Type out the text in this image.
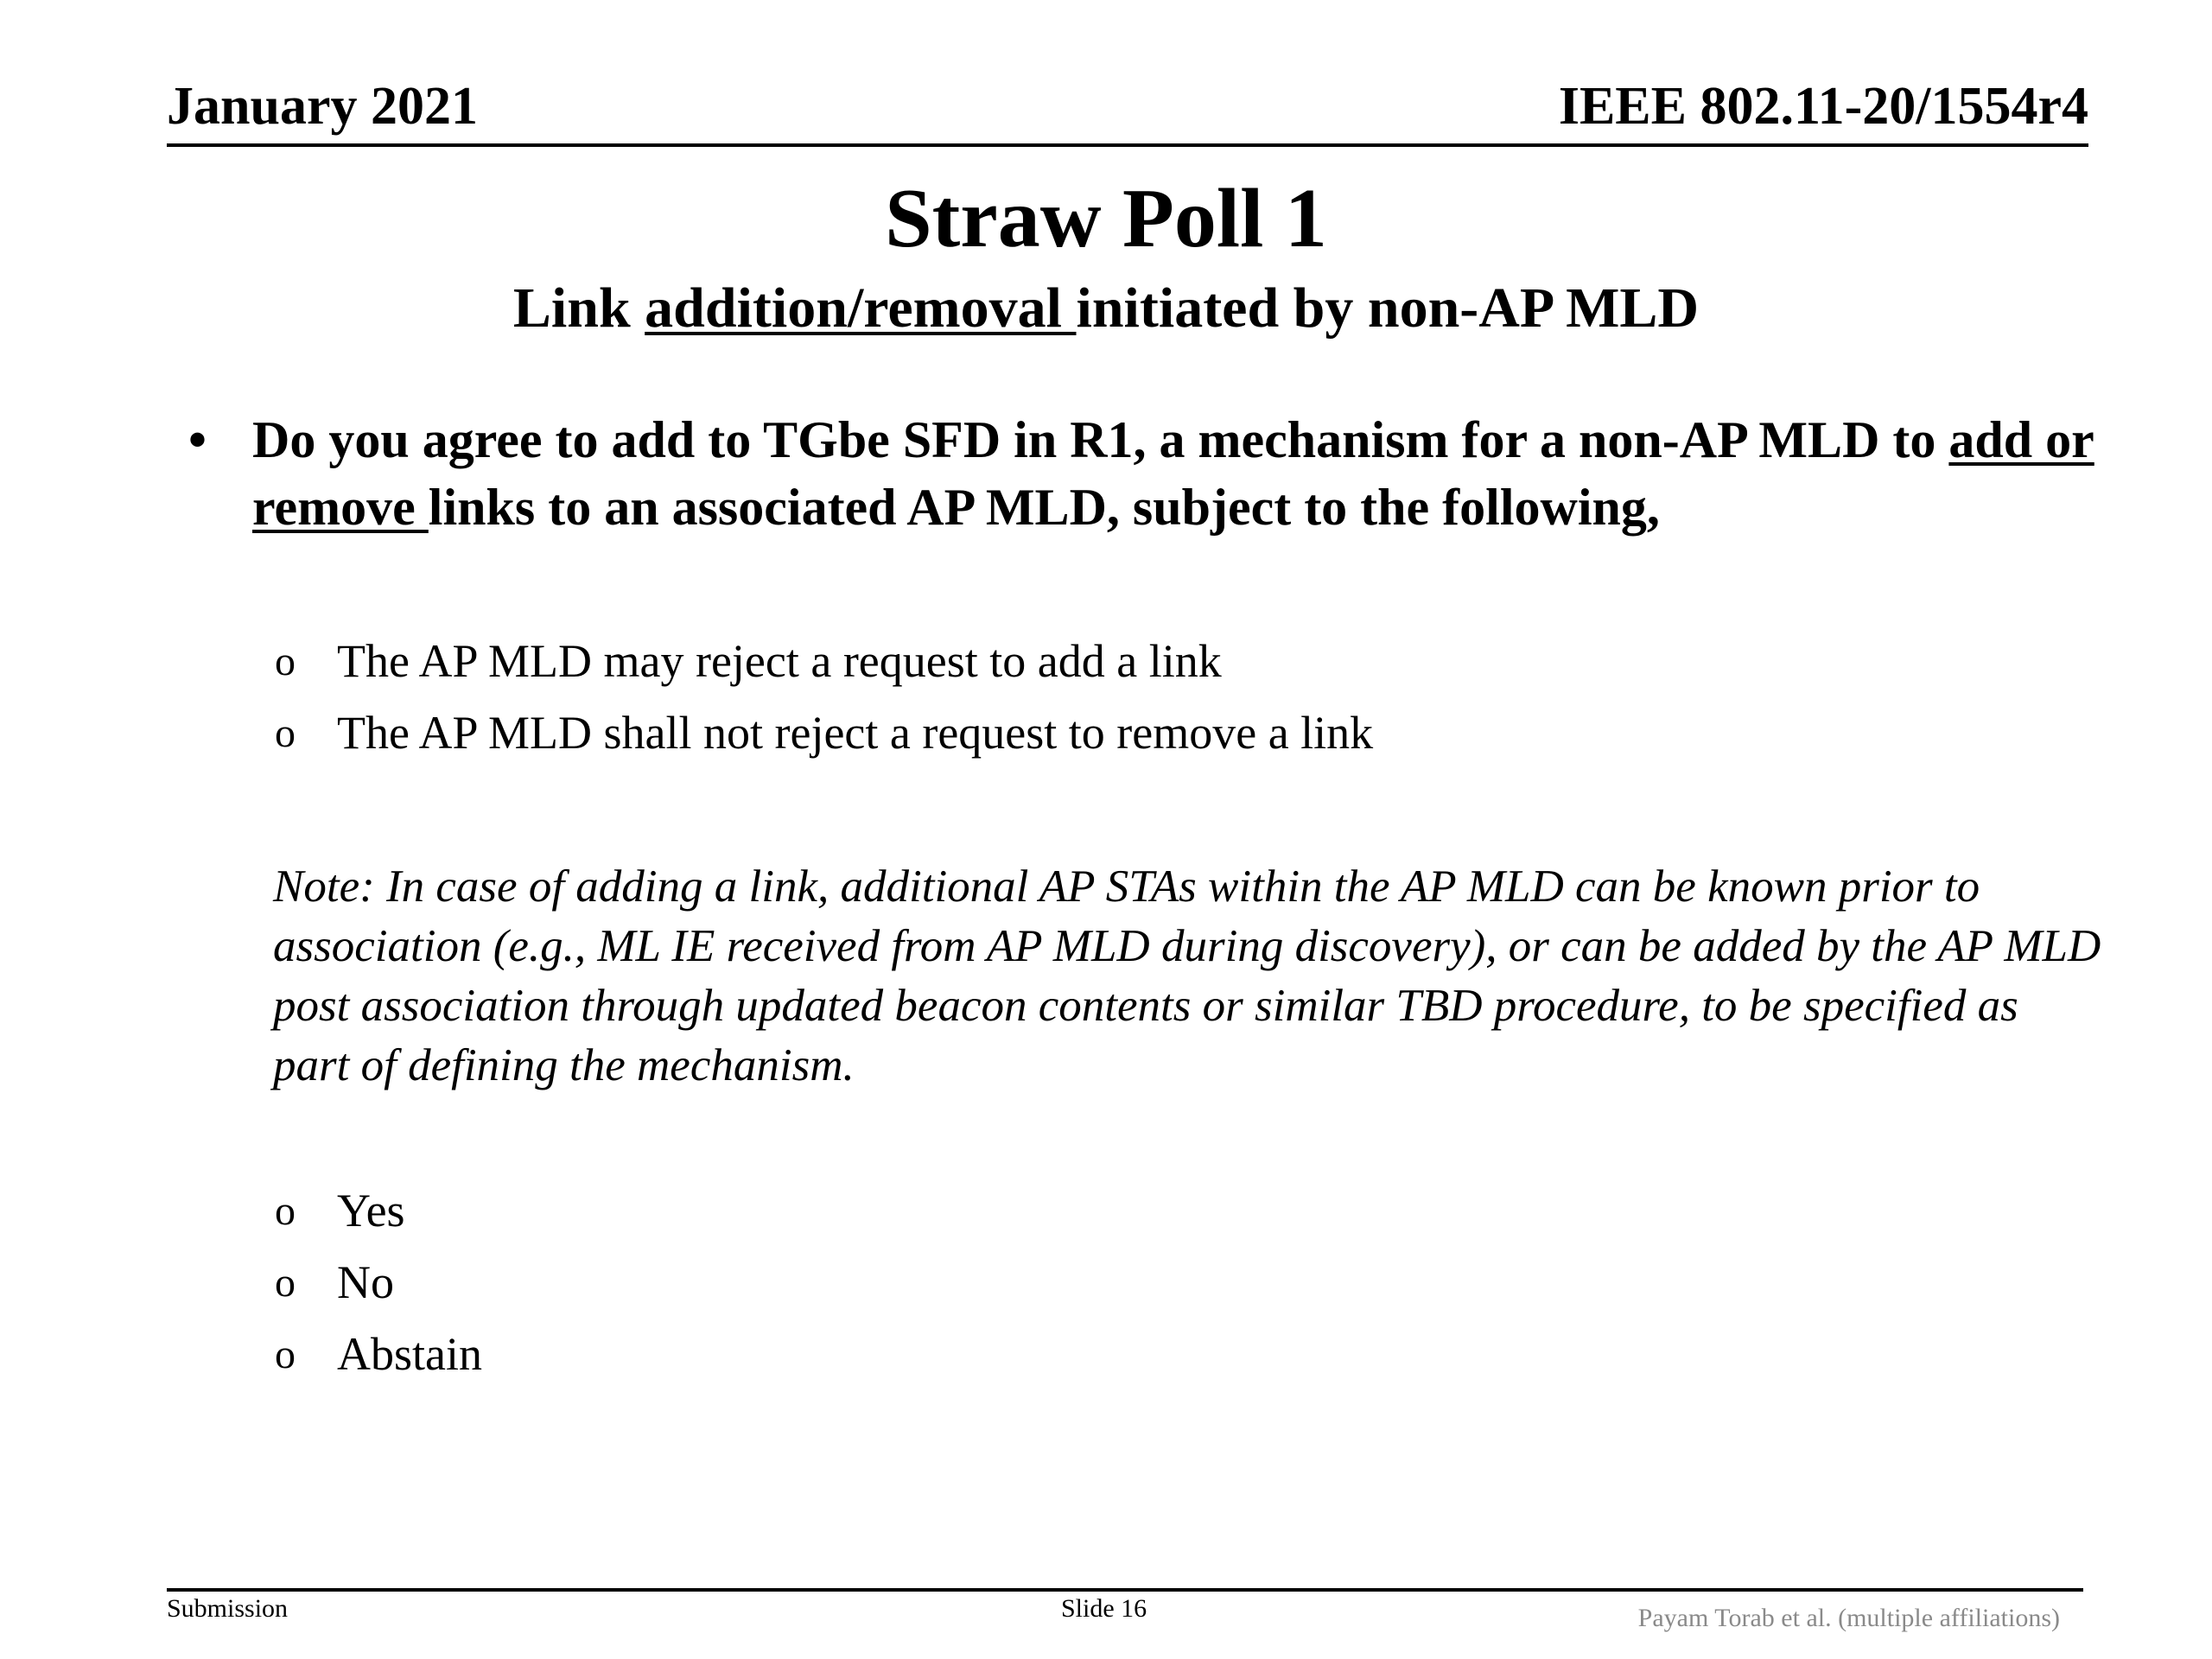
January 2021	IEEE 802.11-20/1554r4
Straw Poll 1
Link addition/removal initiated by non-AP MLD
• Do you agree to add to TGbe SFD in R1, a mechanism for a non-AP MLD to add or remove links to an associated AP MLD, subject to the following,
o The AP MLD may reject a request to add a link
o The AP MLD shall not reject a request to remove a link
Note: In case of adding a link, additional AP STAs within the AP MLD can be known prior to association (e.g., ML IE received from AP MLD during discovery), or can be added by the AP MLD post association through updated beacon contents or similar TBD procedure, to be specified as part of defining the mechanism.
o Yes
o No
o Abstain
Submission	Slide 16	Payam Torab et al. (multiple affiliations)
